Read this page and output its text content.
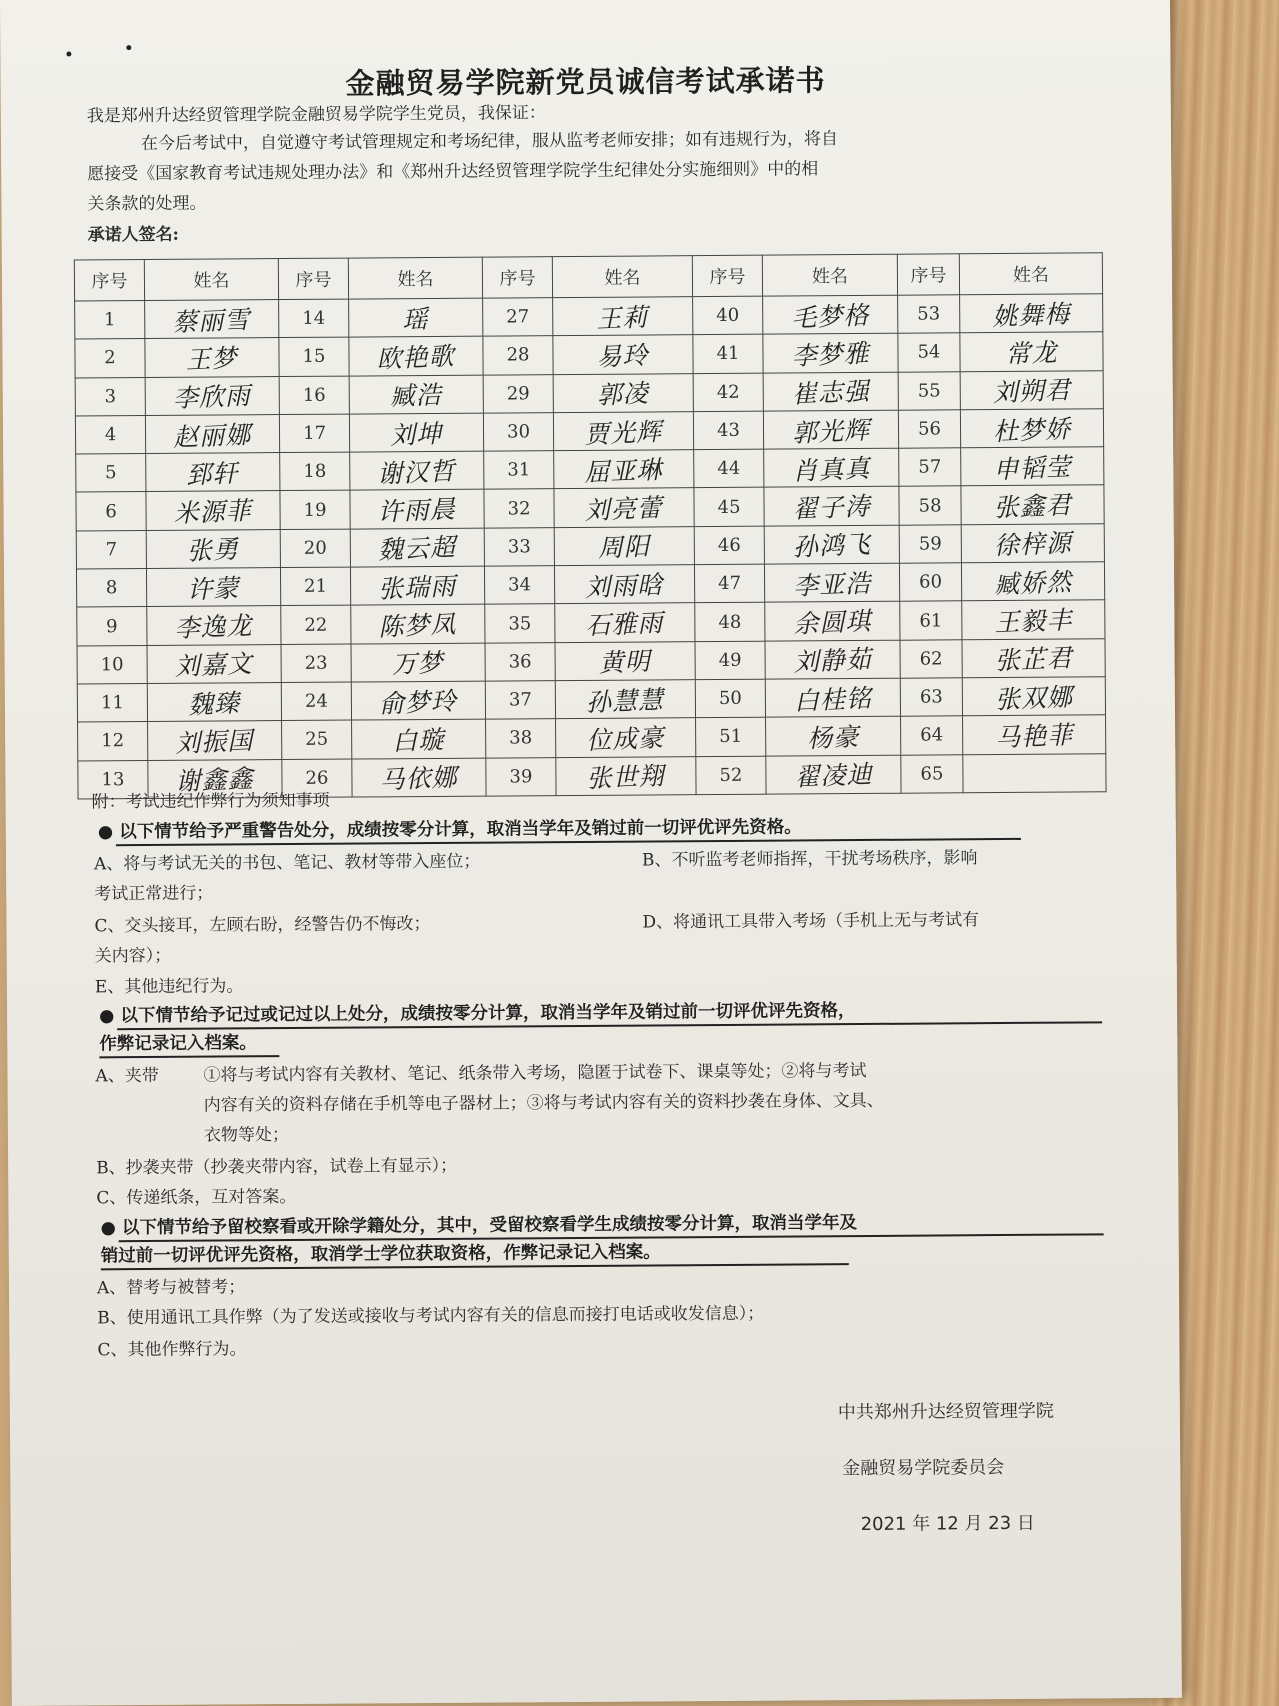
金融贸易学院新党员诚信考试承诺书
我是郑州升达经贸管理学院金融贸易学院学生党员，我保证：
在今后考试中，自觉遵守考试管理规定和考场纪律，服从监考老师安排；如有违规行为，将自
愿接受《国家教育考试违规处理办法》和《郑州升达经贸管理学院学生纪律处分实施细则》中的相
关条款的处理。
承诺人签名:
序号	姓名	序号	姓名	序号	姓名	序号	姓名	序号	姓名
1	蔡丽雪	14	瑶	27	王莉	40	毛梦格	53	姚舞梅
2	王梦	15	欧艳歌	28	易玲	41	李梦雅	54	常龙
3	李欣雨	16	臧浩	29	郭凌	42	崔志强	55	刘朔君
4	赵丽娜	17	刘坤	30	贾光辉	43	郭光辉	56	杜梦娇
5	郅轩	18	谢汉哲	31	屈亚琳	44	肖真真	57	申韬莹
6	米源菲	19	许雨晨	32	刘亮蕾	45	翟子涛	58	张鑫君
7	张勇	20	魏云超	33	周阳	46	孙鸿飞	59	徐梓源
8	许蒙	21	张瑞雨	34	刘雨晗	47	李亚浩	60	臧娇然
9	李逸龙	22	陈梦凤	35	石雅雨	48	余圆琪	61	王毅丰
10	刘嘉文	23	万梦	36	黄明	49	刘静茹	62	张芷君
11	魏臻	24	俞梦玲	37	孙慧慧	50	白桂铭	63	张双娜
12	刘振国	25	白璇	38	位成豪	51	杨豪	64	马艳菲
13	谢鑫鑫	26	马依娜	39	张世翔	52	翟凌迪	65	
附：考试违纪作弊行为须知事项
● 以下情节给予严重警告处分，成绩按零分计算，取消当学年及销过前一切评优评先资格。
A、将与考试无关的书包、笔记、教材等带入座位；	B、不听监考老师指挥，干扰考场秩序，影响
考试正常进行；
C、交头接耳，左顾右盼，经警告仍不悔改；	D、将通讯工具带入考场（手机上无与考试有
关内容）；
E、其他违纪行为。
● 以下情节给予记过或记过以上处分，成绩按零分计算，取消当学年及销过前一切评优评先资格，
作弊记录记入档案。
A、夹带	①将与考试内容有关教材、笔记、纸条带入考场，隐匿于试卷下、课桌等处；②将与考试
内容有关的资料存储在手机等电子器材上；③将与考试内容有关的资料抄袭在身体、文具、
衣物等处；
B、抄袭夹带（抄袭夹带内容，试卷上有显示）；
C、传递纸条，互对答案。
● 以下情节给予留校察看或开除学籍处分，其中，受留校察看学生成绩按零分计算，取消当学年及
销过前一切评优评先资格，取消学士学位获取资格，作弊记录记入档案。
A、替考与被替考；
B、使用通讯工具作弊（为了发送或接收与考试内容有关的信息而接打电话或收发信息）；
C、其他作弊行为。
中共郑州升达经贸管理学院
金融贸易学院委员会
2021 年 12 月 23 日
